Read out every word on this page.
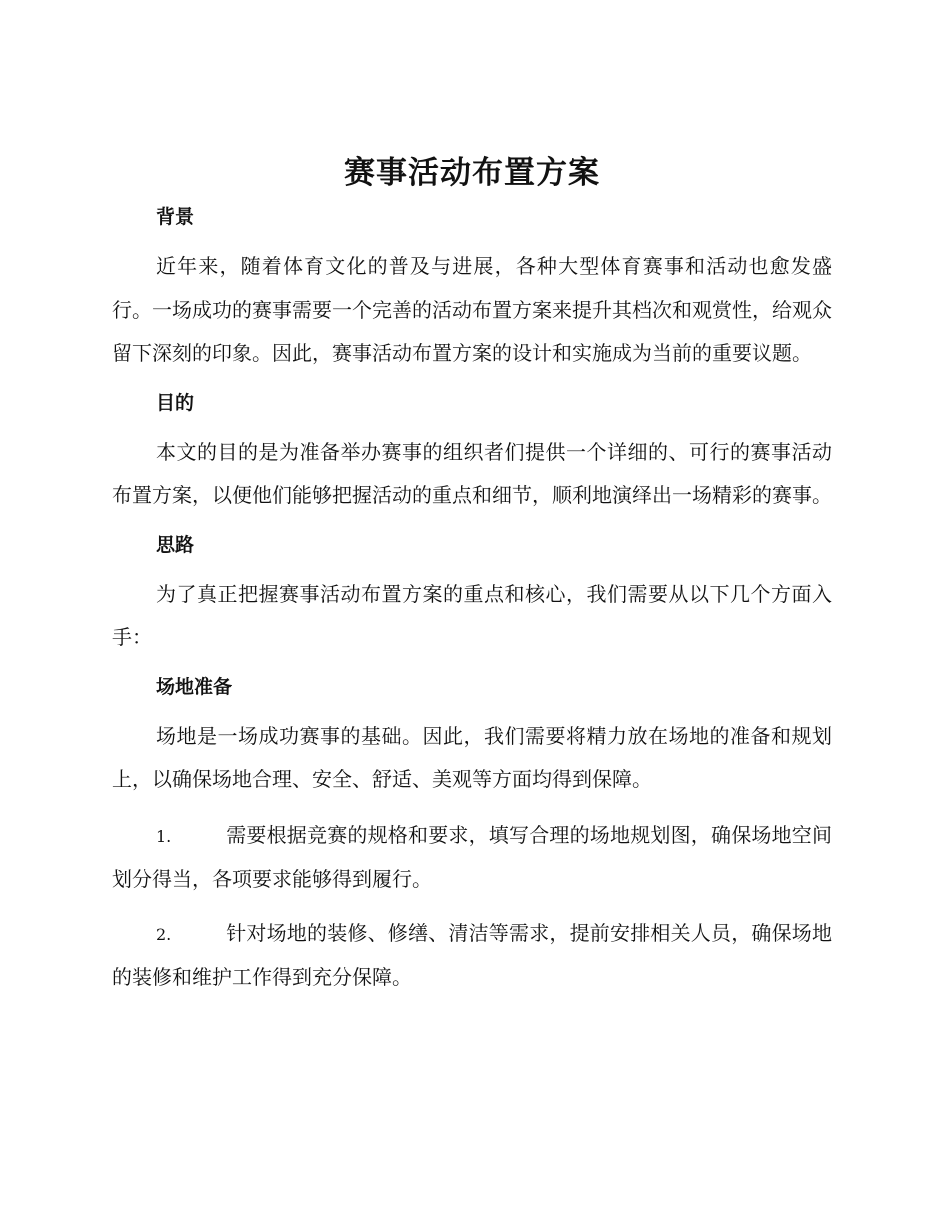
赛事活动布置方案
背景

近年来，随着体育文化的普及与进展，各种大型体育赛事和活动也愈发盛行。一场成功的赛事需要一个完善的活动布置方案来提升其档次和观赏性，给观众留下深刻的印象。因此，赛事活动布置方案的设计和实施成为当前的重要议题。

目的

本文的目的是为准备举办赛事的组织者们提供一个详细的、可行的赛事活动布置方案，以便他们能够把握活动的重点和细节，顺利地演绎出一场精彩的赛事。

思路

为了真正把握赛事活动布置方案的重点和核心，我们需要从以下几个方面入手：

场地准备

场地是一场成功赛事的基础。因此，我们需要将精力放在场地的准备和规划上，以确保场地合理、安全、舒适、美观等方面均得到保障。

1.	需要根据竞赛的规格和要求，填写合理的场地规划图，确保场地空间划分得当，各项要求能够得到履行。

2.	针对场地的装修、修缮、清洁等需求，提前安排相关人员，确保场地的装修和维护工作得到充分保障。
